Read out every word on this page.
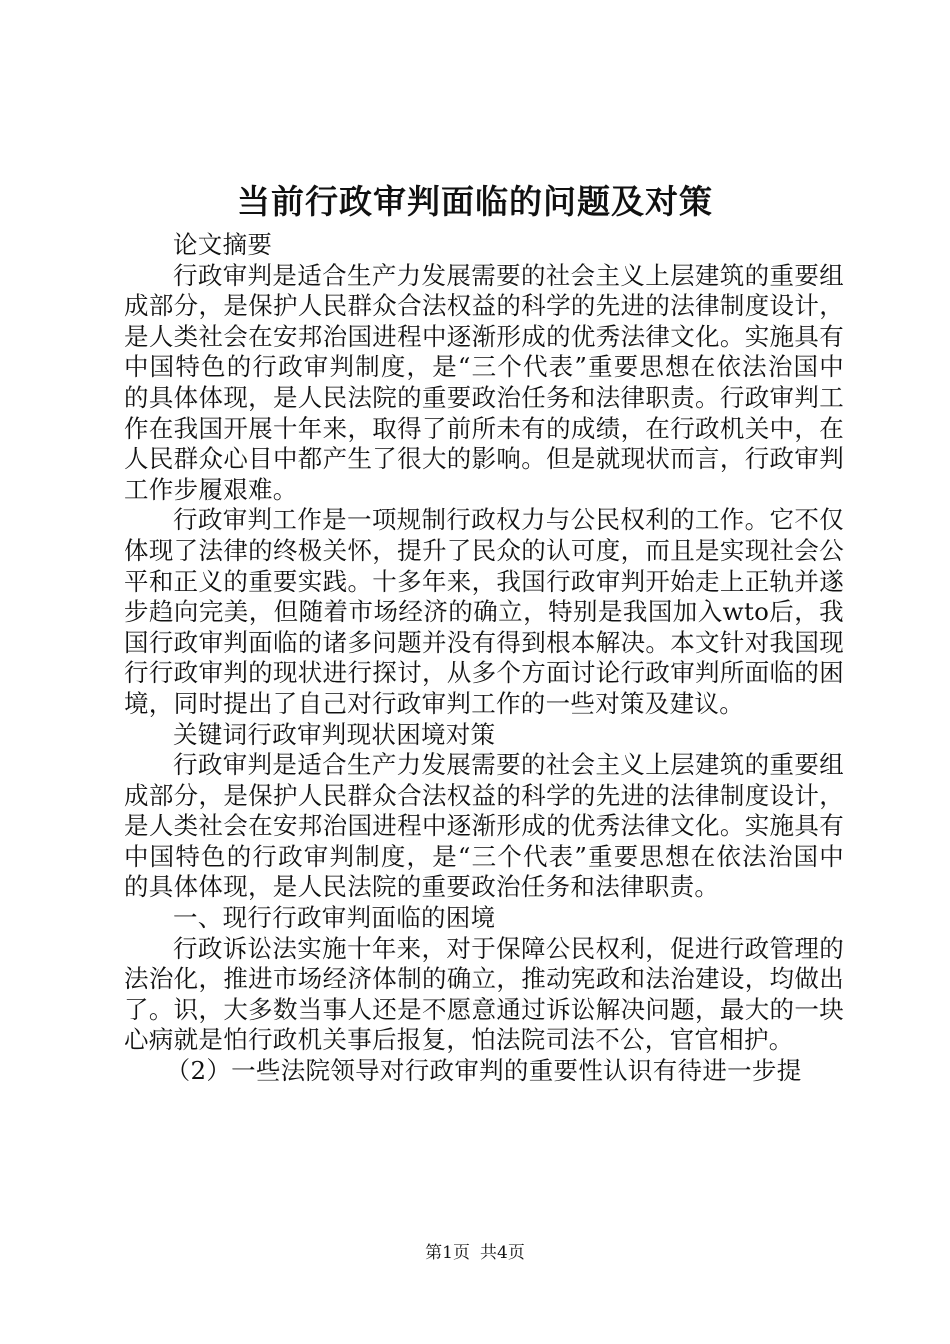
当前行政审判面临的问题及对策

论文摘要

行政审判是适合生产力发展需要的社会主义上层建筑的重要组成部分，是保护人民群众合法权益的科学的先进的法律制度设计，是人类社会在安邦治国进程中逐渐形成的优秀法律文化。实施具有中国特色的行政审判制度，是“三个代表”重要思想在依法治国中的具体体现，是人民法院的重要政治任务和法律职责。行政审判工作在我国开展十年来，取得了前所未有的成绩，在行政机关中，在人民群众心目中都产生了很大的影响。但是就现状而言，行政审判工作步履艰难。

行政审判工作是一项规制行政权力与公民权利的工作。它不仅体现了法律的终极关怀，提升了民众的认可度，而且是实现社会公平和正义的重要实践。十多年来，我国行政审判开始走上正轨并遂步趋向完美，但随着市场经济的确立，特别是我国加入wto后，我国行政审判面临的诸多问题并没有得到根本解决。本文针对我国现行行政审判的现状进行探讨，从多个方面讨论行政审判所面临的困境，同时提出了自己对行政审判工作的一些对策及建议。

关键词行政审判现状困境对策

行政审判是适合生产力发展需要的社会主义上层建筑的重要组成部分，是保护人民群众合法权益的科学的先进的法律制度设计，是人类社会在安邦治国进程中逐渐形成的优秀法律文化。实施具有中国特色的行政审判制度，是“三个代表”重要思想在依法治国中的具体体现，是人民法院的重要政治任务和法律职责。

一、现行行政审判面临的困境

行政诉讼法实施十年来，对于保障公民权利，促进行政管理的法治化，推进市场经济体制的确立，推动宪政和法治建设，均做出了。识，大多数当事人还是不愿意通过诉讼解决问题，最大的一块心病就是怕行政机关事后报复，怕法院司法不公，官官相护。

（2）一些法院领导对行政审判的重要性认识有待进一步提

第1页 共4页
